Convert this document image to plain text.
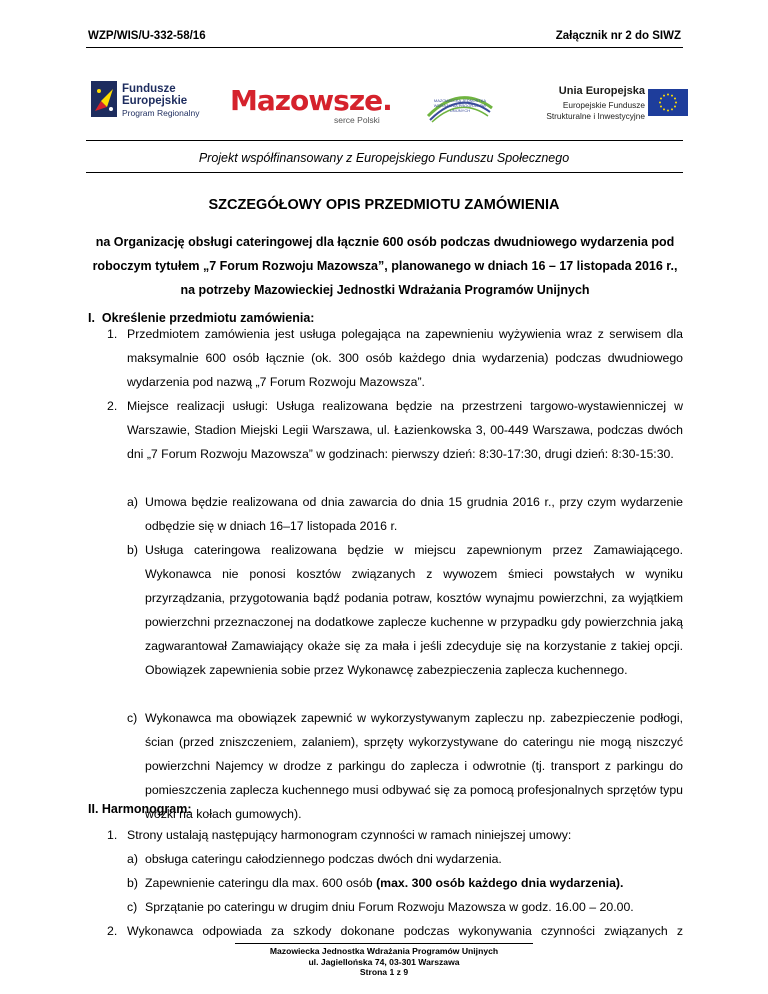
WZP/WIS/U-332-58/16	Załącznik nr 2 do SIWZ
Fundusze
Europejskie
Program Regionalny Mazowsze.
serce Polski
MAZOWIECKA JEDNOSTKA WDRAŻANIA PROGRAMÓW UNIJNYCH
Unia Europejska
Europejskie Fundusze
Strukturalne i Inwestycyjne
Projekt współfinansowany z Europejskiego Funduszu Społecznego
SZCZEGÓŁOWY OPIS PRZEDMIOTU ZAMÓWIENIA
na Organizację obsługi cateringowej dla łącznie 600 osób podczas dwudniowego wydarzenia pod roboczym tytułem „7 Forum Rozwoju Mazowsza”, planowanego w dniach 16 – 17 listopada 2016 r., na potrzeby Mazowieckiej Jednostki Wdrażania Programów Unijnych
I.  Określenie przedmiotu zamówienia:
1. Przedmiotem zamówienia jest usługa polegająca na zapewnieniu wyżywienia wraz z serwisem dla maksymalnie 600 osób łącznie (ok. 300 osób każdego dnia wydarzenia) podczas dwudniowego wydarzenia pod nazwą „7 Forum Rozwoju Mazowsza”.
2. Miejsce realizacji usługi: Usługa realizowana będzie na przestrzeni targowo-wystawienniczej w Warszawie, Stadion Miejski Legii Warszawa, ul. Łazienkowska 3, 00-449 Warszawa, podczas dwóch dni „7 Forum Rozwoju Mazowsza” w godzinach: pierwszy dzień: 8:30-17:30, drugi dzień: 8:30-15:30.
a) Umowa będzie realizowana od dnia zawarcia do dnia 15 grudnia 2016 r., przy czym wydarzenie odbędzie się w dniach 16–17 listopada 2016 r.
b) Usługa cateringowa realizowana będzie w miejscu zapewnionym przez Zamawiającego. Wykonawca nie ponosi kosztów związanych z wywozem śmieci powstałych w wyniku przyrządzania, przygotowania bądź podania potraw, kosztów wynajmu powierzchni, za wyjątkiem powierzchni przeznaczonej na dodatkowe zaplecze kuchenne w przypadku gdy powierzchnia jaką zagwarantował Zamawiający okaże się za mała i jeśli zdecyduje się na korzystanie z takiej opcji. Obowiązek zapewnienia sobie przez Wykonawcę zabezpieczenia zaplecza kuchennego.
c) Wykonawca ma obowiązek zapewnić w wykorzystywanym zapleczu np. zabezpieczenie podłogi, ścian (przed zniszczeniem, zalaniem), sprzęty wykorzystywane do cateringu nie mogą niszczyć powierzchni Najemcy w drodze z parkingu do zaplecza i odwrotnie (tj. transport z parkingu do pomieszczenia zaplecza kuchennego musi odbywać się za pomocą profesjonalnych sprzętów typu wózki na kołach gumowych).
II. Harmonogram:
1. Strony ustalają następujący harmonogram czynności w ramach niniejszej umowy:
a) obsługa cateringu całodziennego podczas dwóch dni wydarzenia.
b) Zapewnienie cateringu dla max. 600 osób (max. 300 osób każdego dnia wydarzenia).
c) Sprzątanie po cateringu w drugim dniu Forum Rozwoju Mazowsza w godz. 16.00 – 20.00.
2. Wykonawca odpowiada za szkody dokonane podczas wykonywania czynności związanych z
Mazowiecka Jednostka Wdrażania Programów Unijnych
ul. Jagiellońska 74, 03-301 Warszawa
Strona 1 z 9
